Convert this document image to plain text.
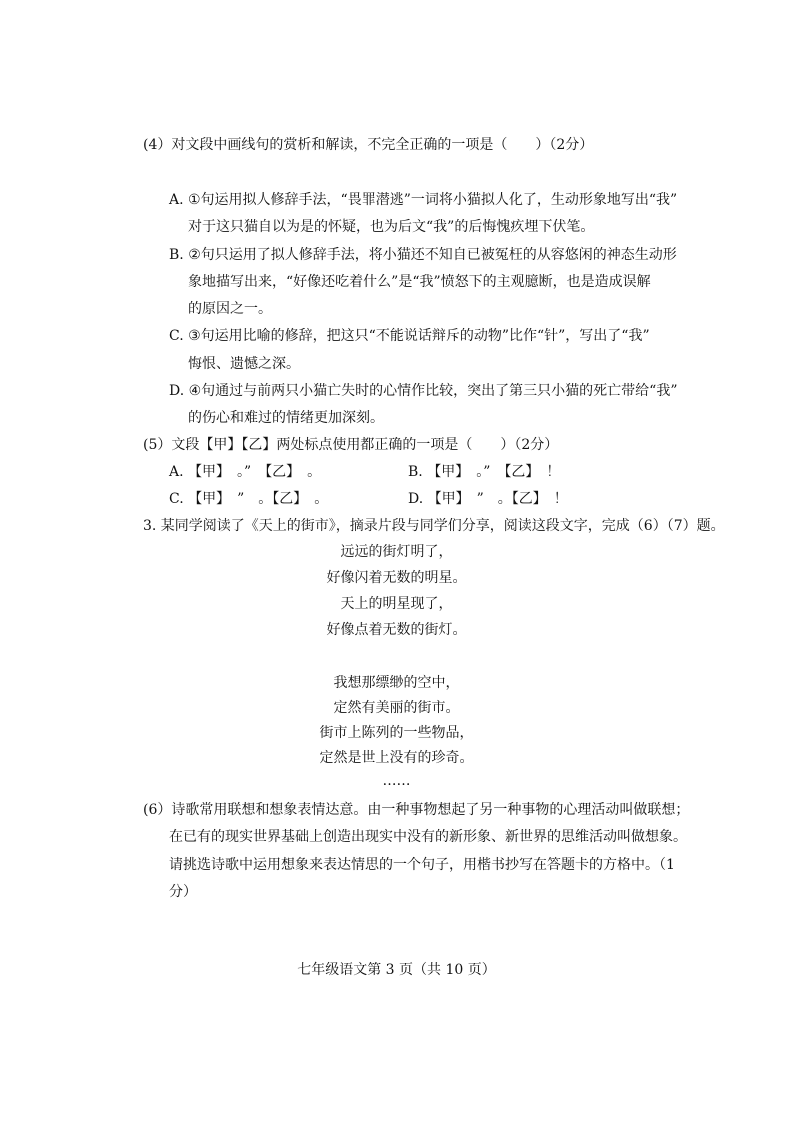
(4）对文段中画线句的赏析和解读，不完全正确的一项是（　　）（2分）
A. ①句运用拟人修辞手法，“畏罪潜逃”一词将小猫拟人化了，生动形象地写出“我”
对于这只猫自以为是的怀疑，也为后文“我”的后悔愧疚埋下伏笔。
B. ②句只运用了拟人修辞手法，将小猫还不知自已被冤枉的从容悠闲的神态生动形
象地描写出来，“好像还吃着什么”是“我”愤怒下的主观臆断，也是造成误解
的原因之一。
C. ③句运用比喻的修辞，把这只“不能说话辩斥的动物”比作“针”，写出了“我”
悔恨、遗憾之深。
D. ④句通过与前两只小猫亡失时的心情作比较，突出了第三只小猫的死亡带给“我”
的伤心和难过的情绪更加深刻。
(5）文段【甲】【乙】两处标点使用都正确的一项是（　　）（2分）
A. 【甲】　。”　【乙】　。	B. 【甲】　。”　【乙】　！
C. 【甲】　”　。【乙】　。	D. 【甲】　”　。【乙】　！
3. 某同学阅读了《天上的街市》，摘录片段与同学们分享，阅读这段文字，完成（6）（7）题。
远远的街灯明了，
好像闪着无数的明星。
天上的明星现了，
好像点着无数的街灯。
我想那缥缈的空中，
定然有美丽的街市。
街市上陈列的一些物品，
定然是世上没有的珍奇。
……
(6）诗歌常用联想和想象表情达意。由一种事物想起了另一种事物的心理活动叫做联想；
在已有的现实世界基础上创造出现实中没有的新形象、新世界的思维活动叫做想象。
请挑选诗歌中运用想象来表达情思的一个句子，用楷书抄写在答题卡的方格中。（1
分）
七年级语文第 3 页（共 10 页）
